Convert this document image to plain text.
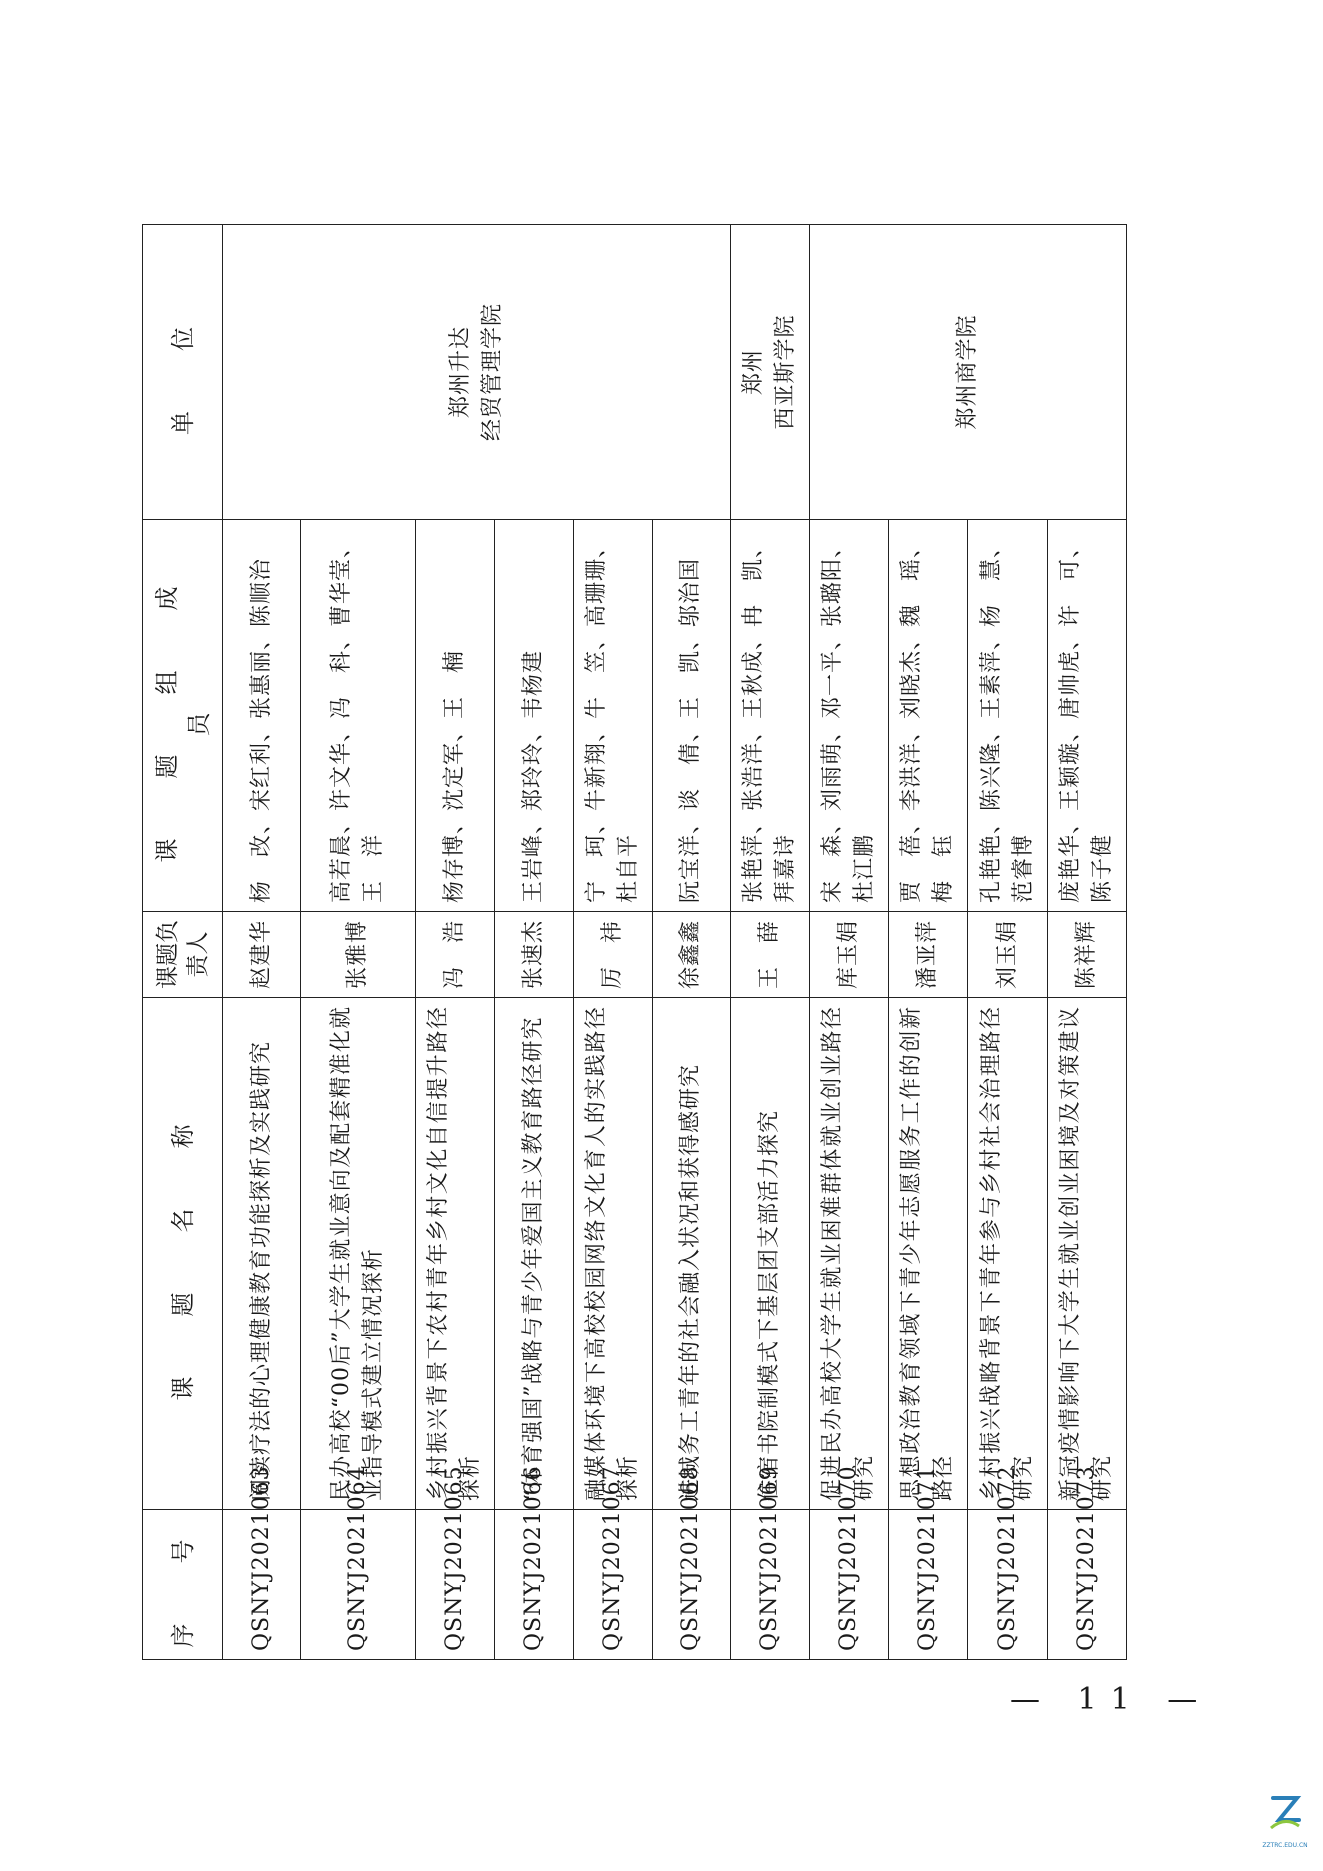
序　号	课　题　名　称	课题负责人	课　题　组　成　员	单　位
QSNYJ2021063	阅读疗法的心理健康教育功能探析及实践研究	赵建华	杨　改、宋红利、张惠丽、陈顺治	郑州升达 经贸管理学院

QSNYJ2021064	民办高校“00后”大学生就业意向及配套精准化就业指导模式建立情况探析	张雅博	高若晨、许文华、冯　科、曹华莹、王　洋	
QSNYJ2021065	乡村振兴背景下农村青年乡村文化自信提升路径探析	冯　浩	杨存博、沈定军、王　楠	
QSNYJ2021066	“体育强国”战略与青少年爱国主义教育路径研究	张速杰	王岩峰、郑玲玲、韦杨建	
QSNYJ2021067	融媒体环境下高校校园网络文化育人的实践路径探析	厉　祎	宁　珂、牛新翔、牛　笠、高珊珊、杜自平	
QSNYJ2021068	进城务工青年的社会融入状况和获得感研究	徐鑫鑫	阮宝洋、谈　倩、王　凯、邬治国	
QSNYJ2021069	住宿书院制模式下基层团支部活力探究	王　薛	张艳萍、张浩洋、王秋成、冉　凯、拜嘉诗	郑州 西亚斯学院

QSNYJ2021070	促进民办高校大学生就业困难群体就业创业路径研究	库玉娟	宋　森、刘雨萌、邓一平、张璐阳、杜江鹏	郑州商学院

QSNYJ2021071	思想政治教育领域下青少年志愿服务工作的创新路径	潘亚萍	贾　蓓、李洪洋、刘晓杰、魏　瑶、梅　钰	
QSNYJ2021072	乡村振兴战略背景下青年参与乡村社会治理路径研究	刘玉娟	孔艳艳、陈兴隆、王素萍、杨　慧、范睿博	
QSNYJ2021073	新冠疫情影响下大学生就业创业困境及对策建议研究	陈祥辉	庞艳华、王颖璇、唐帅虎、许　可、陈子健	
— 11 —
ZZTRC.EDU.CN
